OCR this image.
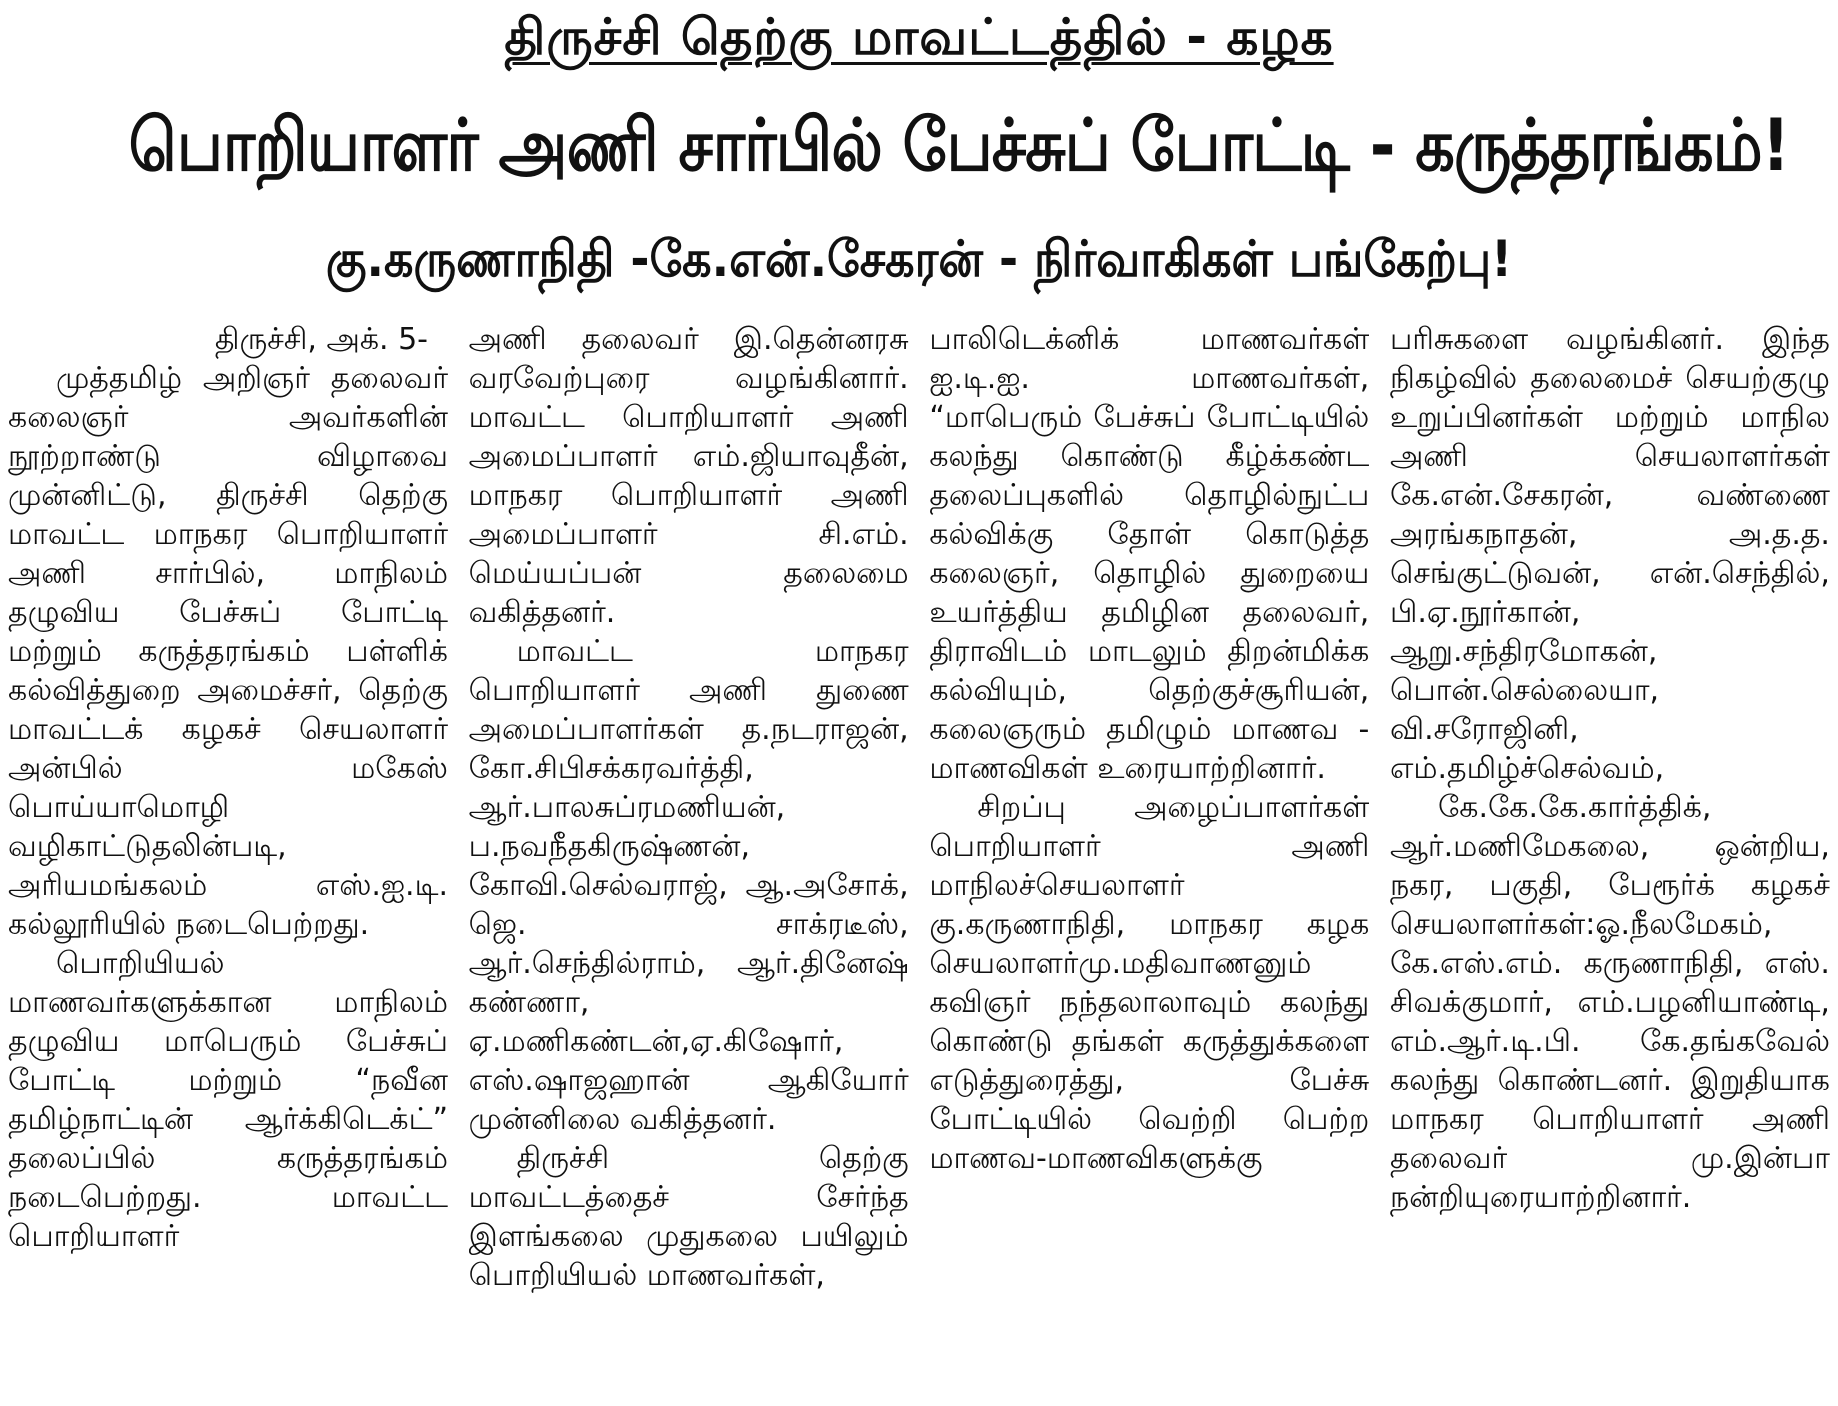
திருச்சி தெற்கு மாவட்டத்தில் - கழக
பொறியாளர் அணி சார்பில் பேச்சுப் போட்டி - கருத்தரங்கம்!
கு.கருணாநிதி -கே.என்.சேகரன் - நிர்வாகிகள் பங்கேற்பு!

திருச்சி, அக். 5-

முத்தமிழ் அறிஞர் தலைவர் கலைஞர் அவர்களின் நூற்றாண்டு விழாவை முன்னிட்டு, திருச்சி தெற்கு மாவட்ட மாநகர பொறியாளர் அணி சார்பில், மாநிலம் தழுவிய பேச்சுப் போட்டி மற்றும் கருத்தரங்கம் பள்ளிக் கல்வித்துறை அமைச்சர், தெற்கு மாவட்டக் கழகச் செயலாளர் அன்பில் மகேஸ் பொய்யாமொழி வழிகாட்டுதலின்படி, அரியமங்கலம் எஸ்.ஐ.டி. கல்லூரியில் நடைபெற்றது.

பொறியியல் மாணவர்களுக்கான மாநிலம் தழுவிய மாபெரும் பேச்சுப் போட்டி மற்றும் “நவீன தமிழ்நாட்டின் ஆர்க்கிடெக்ட்” தலைப்பில் கருத்தரங்கம் நடைபெற்றது. மாவட்ட பொறியாளர்

அணி தலைவர் இ.தென்னரசு வரவேற்புரை வழங்கினார். மாவட்ட பொறியாளர் அணி அமைப்பாளர் எம்.ஜியாவுதீன், மாநகர பொறியாளர் அணி அமைப்பாளர் சி.எம். மெய்யப்பன் தலைமை வகித்தனர்.

மாவட்ட மாநகர பொறியாளர் அணி துணை அமைப்பாளர்கள் த.நடராஜன், கோ.சிபிசக்கரவர்த்தி, ஆர்.பாலசுப்ரமணியன், ப.நவநீதகிருஷ்ணன், கோவி.செல்வராஜ், ஆ.அசோக், ஜெ. சாக்ரடீஸ், ஆர்.செந்தில்ராம், ஆர்.தினேஷ் கண்ணா, ஏ.மணிகண்டன்,ஏ.கிஷோர், எஸ்.ஷாஜஹான் ஆகியோர் முன்னிலை வகித்தனர்.

திருச்சி தெற்கு மாவட்டத்தைச் சேர்ந்த இளங்கலை முதுகலை பயிலும் பொறியியல் மாணவர்கள்,

பாலிடெக்னிக் மாணவர்கள் ஐ.டி.ஐ. மாணவர்கள், “மாபெரும் பேச்சுப் போட்டியில் கலந்து கொண்டு கீழ்க்கண்ட தலைப்புகளில் தொழில்நுட்ப கல்விக்கு தோள் கொடுத்த கலைஞர், தொழில் துறையை உயர்த்திய தமிழின தலைவர், திராவிடம் மாடலும் திறன்மிக்க கல்வியும், தெற்குச்சூரியன், கலைஞரும் தமிழும் மாணவ - மாணவிகள் உரையாற்றினார்.

சிறப்பு அழைப்பாளர்கள் பொறியாளர் அணி மாநிலச்செயலாளர் கு.கருணாநிதி, மாநகர கழக செயலாளர்மு.மதிவாணனும் கவிஞர் நந்தலாலாவும் கலந்து கொண்டு தங்கள் கருத்துக்களை எடுத்துரைத்து, பேச்சு போட்டியில் வெற்றி பெற்ற மாணவ-மாணவிகளுக்கு

பரிசுகளை வழங்கினர். இந்த நிகழ்வில் தலைமைச் செயற்குழு உறுப்பினர்கள் மற்றும் மாநில அணி செயலாளர்கள் கே.என்.சேகரன், வண்ணை அரங்கநாதன், அ.த.த. செங்குட்டுவன், என்.செந்தில், பி.ஏ.நூர்கான், ஆறு.சந்திரமோகன், பொன்.செல்லையா, வி.சரோஜினி, எம்.தமிழ்ச்செல்வம்,

கே.கே.கே.கார்த்திக், ஆர்.மணிமேகலை, ஒன்றிய, நகர, பகுதி, பேரூர்க் கழகச் செயலாளர்கள்:ஓ.நீலமேகம், கே.எஸ்.எம். கருணாநிதி, எஸ். சிவக்குமார், எம்.பழனியாண்டி, எம்.ஆர்.டி.பி. கே.தங்கவேல் கலந்து கொண்டனர். இறுதியாக மாநகர பொறியாளர் அணி தலைவர் மு.இன்பா நன்றியுரையாற்றினார்.
